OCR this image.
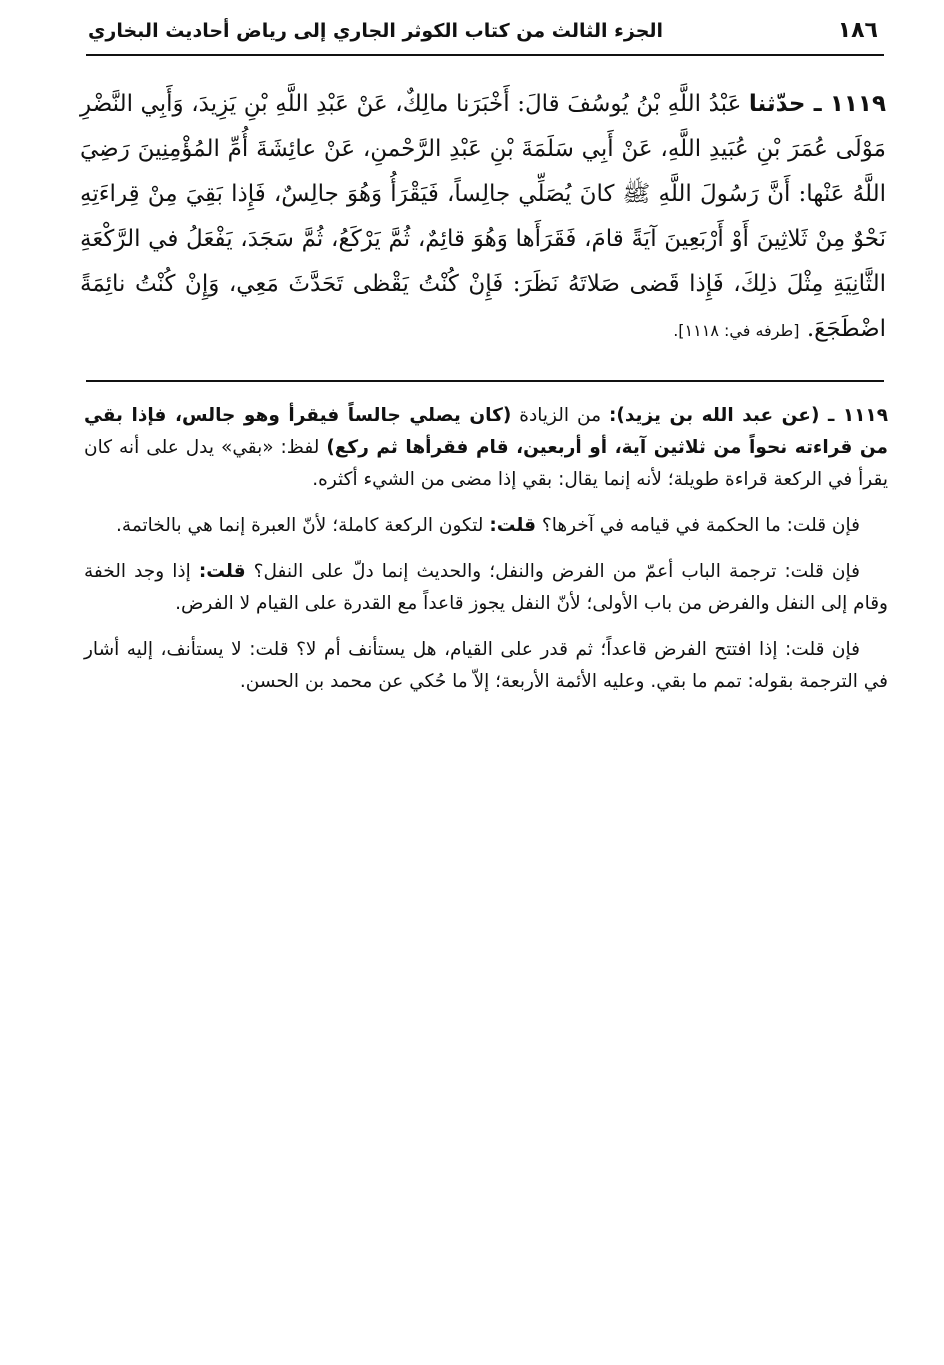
١٨٦
الجزء الثالث من كتاب الكوثر الجاري إلى رياض أحاديث البخاري
١١١٩ ـ حدّثنا عَبْدُ اللَّهِ بْنُ يُوسُفَ قالَ: أَخْبَرَنا مالِكٌ، عَنْ عَبْدِ اللَّهِ بْنِ يَزِيدَ، وَأَبِي النَّضْرِ مَوْلَى عُمَرَ بْنِ عُبَيدِ اللَّهِ، عَنْ أَبِي سَلَمَةَ بْنِ عَبْدِ الرَّحْمنِ، عَنْ عائِشَةَ أُمِّ المُؤْمِنِينَ رَضِيَ اللَّهُ عَنْها: أَنَّ رَسُولَ اللَّهِ ﷺ كانَ يُصَلِّي جالِساً، فَيَقْرَأُ وَهُوَ جالِسٌ، فَإِذا بَقِيَ مِنْ قِراءَتِهِ نَحْوٌ مِنْ ثَلاثِينَ أَوْ أَرْبَعِينَ آيَةً قامَ، فَقَرَأَها وَهُوَ قائِمٌ، ثُمَّ يَرْكَعُ، ثُمَّ سَجَدَ، يَفْعَلُ في الرَّكْعَةِ الثَّانِيَةِ مِثْلَ ذلِكَ، فَإِذا قَضى صَلاتَهُ نَظَرَ: فَإِنْ كُنْتُ يَقْظى تَحَدَّثَ مَعِي، وَإِنْ كُنْتُ نائِمَةً اضْطَجَعَ. [طرفه في: ١١١٨].

١١١٩ ـ (عن عبد الله بن يزيد): من الزيادة (كان يصلي جالساً فيقرأ وهو جالس، فإذا بقي من قراءته نحواً من ثلاثين آية، أو أربعين، قام فقرأها ثم ركع) لفظ: «بقي» يدل على أنه كان يقرأ في الركعة قراءة طويلة؛ لأنه إنما يقال: بقي إذا مضى من الشيء أكثره.

فإن قلت: ما الحكمة في قيامه في آخرها؟ قلت: لتكون الركعة كاملة؛ لأنّ العبرة إنما هي بالخاتمة.

فإن قلت: ترجمة الباب أعمّ من الفرض والنفل؛ والحديث إنما دلّ على النفل؟ قلت: إذا وجد الخفة وقام إلى النفل والفرض من باب الأولى؛ لأنّ النفل يجوز قاعداً مع القدرة على القيام لا الفرض.

فإن قلت: إذا افتتح الفرض قاعداً؛ ثم قدر على القيام، هل يستأنف أم لا؟ قلت: لا يستأنف، إليه أشار في الترجمة بقوله: تمم ما بقي. وعليه الأئمة الأربعة؛ إلاّ ما حُكي عن محمد بن الحسن.
